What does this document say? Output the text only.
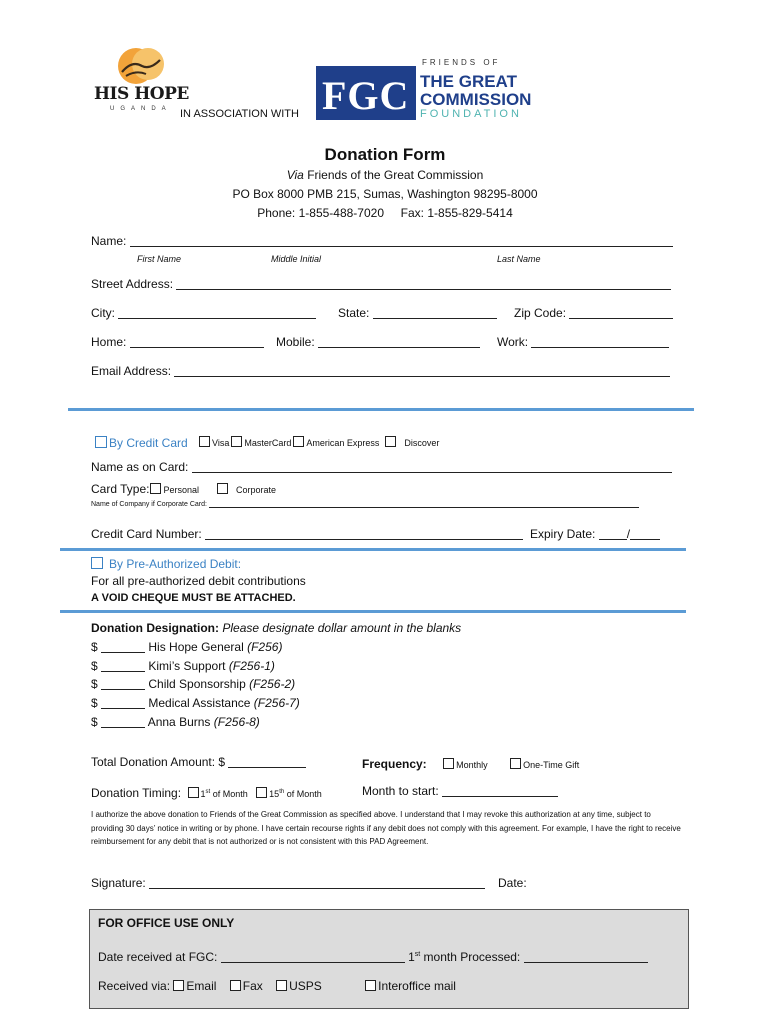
HIS HOPE
UGANDA IN ASSOCIATION WITH FGC
FRIENDS OF
THE GREAT
COMMISSION
FOUNDATION
Donation Form
Via Friends of the Great Commission
PO Box 8000 PMB 215, Sumas, Washington 98295-8000
Phone: 1-855-488-7020     Fax: 1-855-829-5414
Name:
First Name	Middle Initial	Last Name
Street Address:
City:	State:	Zip Code:
Home:	Mobile:	Work:
Email Address:
By Credit Card	Visa MasterCard American Express	Discover
Name as on Card:
Card Type: Personal	Corporate
Name of Company if Corporate Card:
Credit Card Number:	Expiry Date:	/
By Pre-Authorized Debit:
For all pre-authorized debit contributions
A VOID CHEQUE MUST BE ATTACHED.
Donation Designation: Please designate dollar amount in the blanks
$	His Hope General (F256)
$	Kimi’s Support (F256-1)
$	Child Sponsorship (F256-2)
$	Medical Assistance (F256-7)
$	Anna Burns (F256-8)
Total Donation Amount: $	Frequency:	Monthly	One-Time Gift
Donation Timing: 1st of Month 15th of Month	Month to start:
I authorize the above donation to Friends of the Great Commission as specified above. I understand that I may revoke this authorization at any time, subject to providing 30 days’ notice in writing or by phone. I have certain recourse rights if any debit does not comply with this agreement. For example, I have the right to receive reimbursement for any debit that is not authorized or is not consistent with this PAD Agreement.
Signature:	Date:
FOR OFFICE USE ONLY
Date received at FGC:	1st month Processed:
Received via: Email Fax USPS	Interoffice mail
